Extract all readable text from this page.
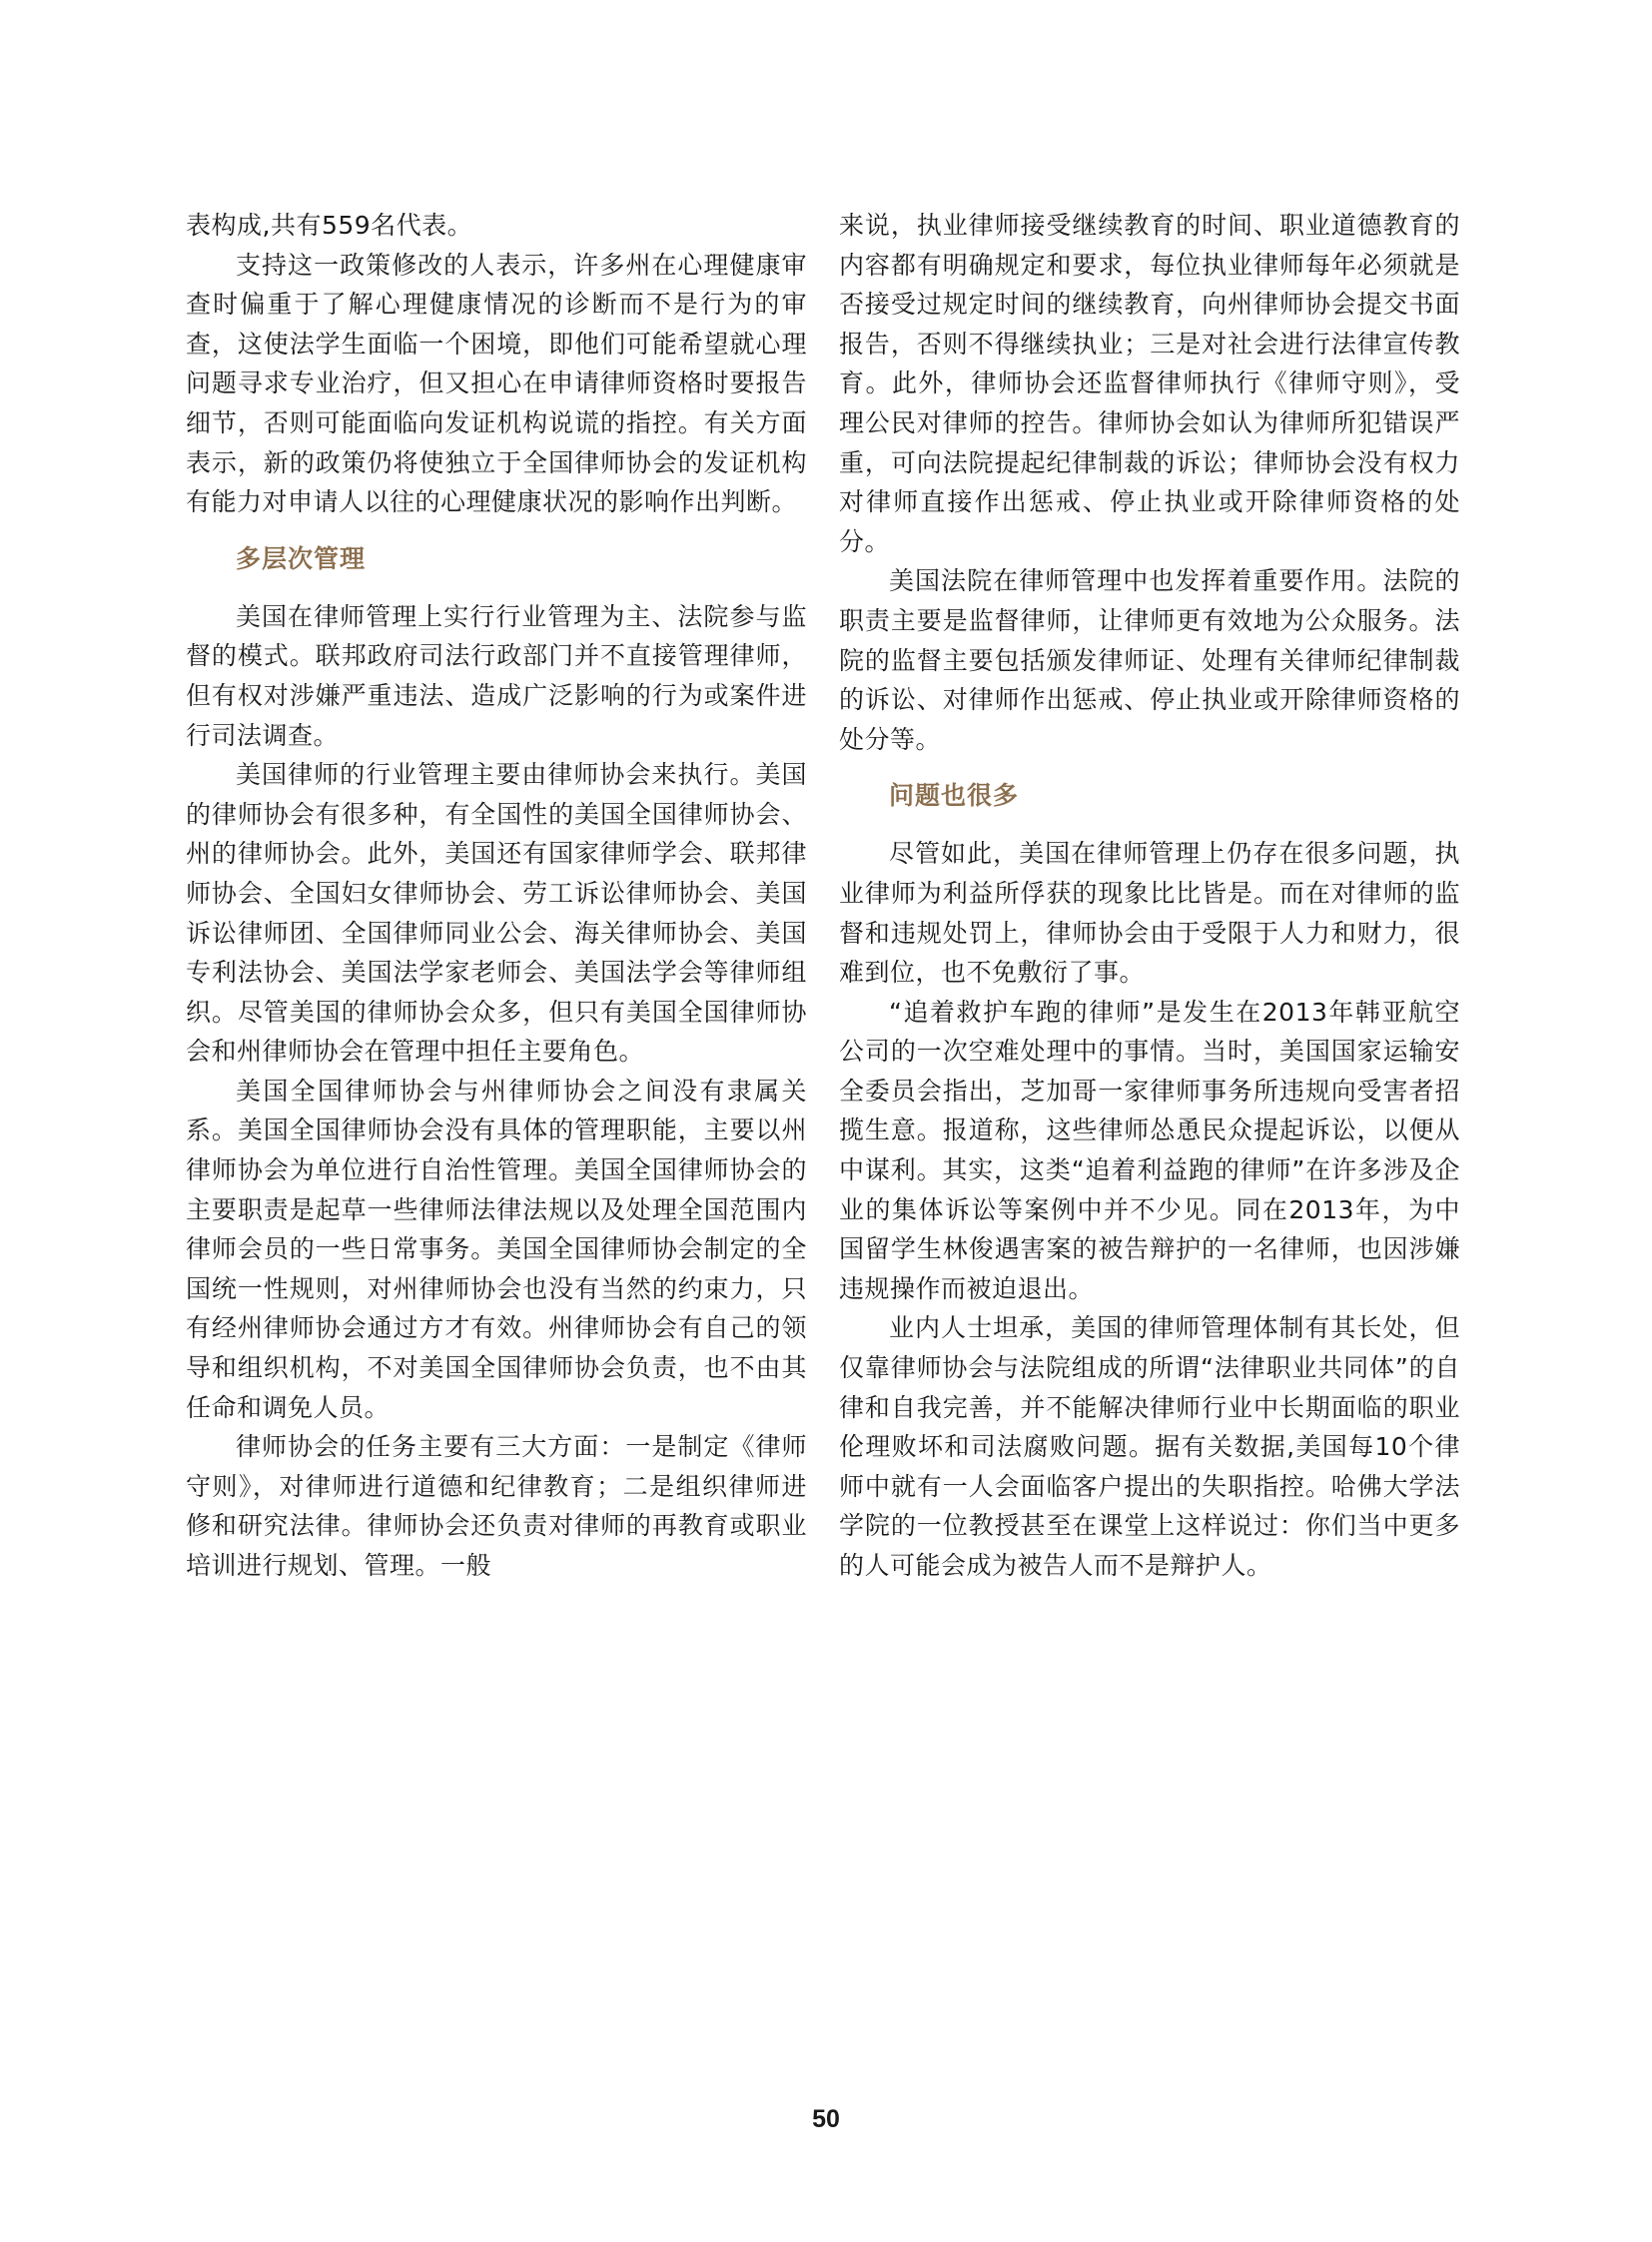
表构成,共有559名代表。

支持这一政策修改的人表示，许多州在心理健康审查时偏重于了解心理健康情况的诊断而不是行为的审查，这使法学生面临一个困境，即他们可能希望就心理问题寻求专业治疗，但又担心在申请律师资格时要报告细节，否则可能面临向发证机构说谎的指控。有关方面表示，新的政策仍将使独立于全国律师协会的发证机构有能力对申请人以往的心理健康状况的影响作出判断。

多层次管理

美国在律师管理上实行行业管理为主、法院参与监督的模式。联邦政府司法行政部门并不直接管理律师，但有权对涉嫌严重违法、造成广泛影响的行为或案件进行司法调查。

美国律师的行业管理主要由律师协会来执行。美国的律师协会有很多种，有全国性的美国全国律师协会、州的律师协会。此外，美国还有国家律师学会、联邦律师协会、全国妇女律师协会、劳工诉讼律师协会、美国诉讼律师团、全国律师同业公会、海关律师协会、美国专利法协会、美国法学家老师会、美国法学会等律师组织。尽管美国的律师协会众多，但只有美国全国律师协会和州律师协会在管理中担任主要角色。

美国全国律师协会与州律师协会之间没有隶属关系。美国全国律师协会没有具体的管理职能，主要以州律师协会为单位进行自治性管理。美国全国律师协会的主要职责是起草一些律师法律法规以及处理全国范围内律师会员的一些日常事务。美国全国律师协会制定的全国统一性规则，对州律师协会也没有当然的约束力，只有经州律师协会通过方才有效。州律师协会有自己的领导和组织机构，不对美国全国律师协会负责，也不由其任命和调免人员。

律师协会的任务主要有三大方面：一是制定《律师守则》，对律师进行道德和纪律教育；二是组织律师进修和研究法律。律师协会还负责对律师的再教育或职业培训进行规划、管理。一般

来说，执业律师接受继续教育的时间、职业道德教育的内容都有明确规定和要求，每位执业律师每年必须就是否接受过规定时间的继续教育，向州律师协会提交书面报告，否则不得继续执业；三是对社会进行法律宣传教育。此外，律师协会还监督律师执行《律师守则》，受理公民对律师的控告。律师协会如认为律师所犯错误严重，可向法院提起纪律制裁的诉讼；律师协会没有权力对律师直接作出惩戒、停止执业或开除律师资格的处分。

美国法院在律师管理中也发挥着重要作用。法院的职责主要是监督律师，让律师更有效地为公众服务。法院的监督主要包括颁发律师证、处理有关律师纪律制裁的诉讼、对律师作出惩戒、停止执业或开除律师资格的处分等。

问题也很多

尽管如此，美国在律师管理上仍存在很多问题，执业律师为利益所俘获的现象比比皆是。而在对律师的监督和违规处罚上，律师协会由于受限于人力和财力，很难到位，也不免敷衍了事。

“追着救护车跑的律师”是发生在2013年韩亚航空公司的一次空难处理中的事情。当时，美国国家运输安全委员会指出，芝加哥一家律师事务所违规向受害者招揽生意。报道称，这些律师怂恿民众提起诉讼，以便从中谋利。其实，这类“追着利益跑的律师”在许多涉及企业的集体诉讼等案例中并不少见。同在2013年，为中国留学生林俊遇害案的被告辩护的一名律师，也因涉嫌违规操作而被迫退出。

业内人士坦承，美国的律师管理体制有其长处，但仅靠律师协会与法院组成的所谓“法律职业共同体”的自律和自我完善，并不能解决律师行业中长期面临的职业伦理败坏和司法腐败问题。据有关数据,美国每10个律师中就有一人会面临客户提出的失职指控。哈佛大学法学院的一位教授甚至在课堂上这样说过：你们当中更多的人可能会成为被告人而不是辩护人。

50
